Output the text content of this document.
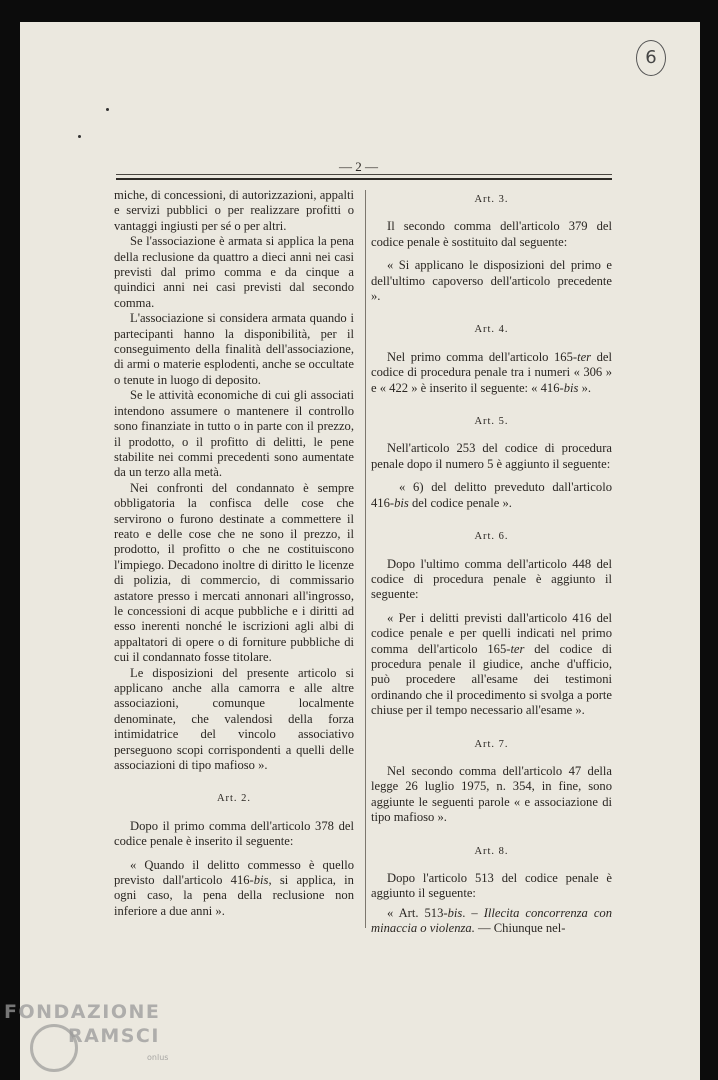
6
— 2 —

miche, di concessioni, di autorizzazioni, appalti e servizi pubblici o per realizzare profitti o vantaggi ingiusti per sé o per altri.

Se l'associazione è armata si applica la pena della reclusione da quattro a dieci anni nei casi previsti dal primo comma e da cinque a quindici anni nei casi previsti dal secondo comma.

L'associazione si considera armata quando i partecipanti hanno la disponibilità, per il conseguimento della finalità dell'associazione, di armi o materie esplodenti, anche se occultate o tenute in luogo di deposito.

Se le attività economiche di cui gli associati intendono assumere o mantenere il controllo sono finanziate in tutto o in parte con il prezzo, il prodotto, o il profitto di delitti, le pene stabilite nei commi precedenti sono aumentate da un terzo alla metà.

Nei confronti del condannato è sempre obbligatoria la confisca delle cose che servirono o furono destinate a commettere il reato e delle cose che ne sono il prezzo, il prodotto, il profitto o che ne costituiscono l'impiego. Decadono inoltre di diritto le licenze di polizia, di commercio, di commissario astatore presso i mercati annonari all'ingrosso, le concessioni di acque pubbliche e i diritti ad esso inerenti nonché le iscrizioni agli albi di appaltatori di opere o di forniture pubbliche di cui il condannato fosse titolare.

Le disposizioni del presente articolo si applicano anche alla camorra e alle altre associazioni, comunque localmente denominate, che valendosi della forza intimidatrice del vincolo associativo perseguono scopi corrispondenti a quelli delle associazioni di tipo mafioso ».

Art. 2.

Dopo il primo comma dell'articolo 378 del codice penale è inserito il seguente:

« Quando il delitto commesso è quello previsto dall'articolo 416-bis, si applica, in ogni caso, la pena della reclusione non inferiore a due anni ».

Art. 3.

Il secondo comma dell'articolo 379 del codice penale è sostituito dal seguente:

« Si applicano le disposizioni del primo e dell'ultimo capoverso dell'articolo precedente ».

Art. 4.

Nel primo comma dell'articolo 165-ter del codice di procedura penale tra i numeri « 306 » e « 422 » è inserito il seguente: « 416-bis ».

Art. 5.

Nell'articolo 253 del codice di procedura penale dopo il numero 5 è aggiunto il seguente:

« 6) del delitto preveduto dall'articolo 416-bis del codice penale ».

Art. 6.

Dopo l'ultimo comma dell'articolo 448 del codice di procedura penale è aggiunto il seguente:

« Per i delitti previsti dall'articolo 416 del codice penale e per quelli indicati nel primo comma dell'articolo 165-ter del codice di procedura penale il giudice, anche d'ufficio, può procedere all'esame dei testimoni ordinando che il procedimento si svolga a porte chiuse per il tempo necessario all'esame ».

Art. 7.

Nel secondo comma dell'articolo 47 della legge 26 luglio 1975, n. 354, in fine, sono aggiunte le seguenti parole « e associazione di tipo mafioso ».

Art. 8.

Dopo l'articolo 513 del codice penale è aggiunto il seguente:

« Art. 513-bis. – Illecita concorrenza con minaccia o violenza. — Chiunque nel-

FONDAZIONE
RAMSCI
onlus
